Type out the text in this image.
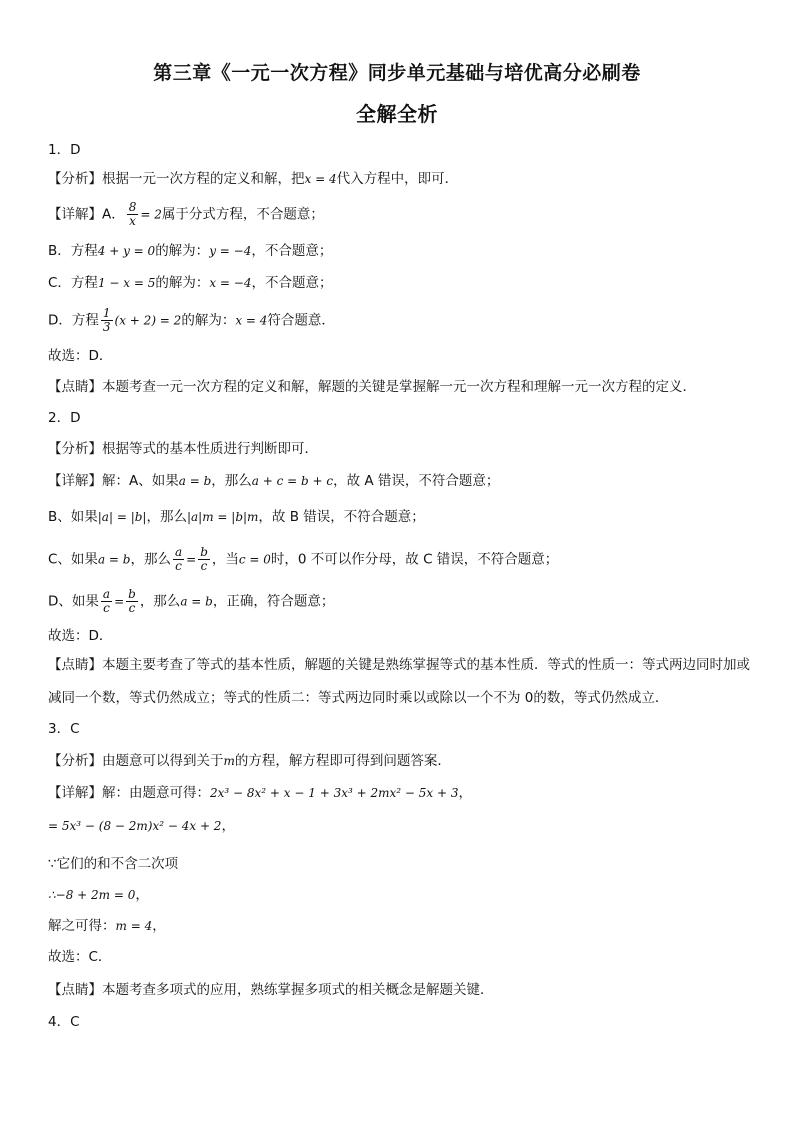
第三章《一元一次方程》同步单元基础与培优高分必刷卷
全解全析
1．D
【分析】根据一元一次方程的定义和解，把x = 4代入方程中，即可．
【详解】A． $\frac{8}{x} = 2$属于分式方程，不合题意；
B．方程4 + y = 0的解为：y = −4，不合题意；
C．方程1 − x = 5的解为：x = −4，不合题意；
D．方程 $\frac{1}{3} (x + 2) = 2$的解为：x = 4符合题意．
故选：D．
【点睛】本题考查一元一次方程的定义和解，解题的关键是掌握解一元一次方程和理解一元一次方程的定义．
2．D
【分析】根据等式的基本性质进行判断即可．
【详解】解：A、如果a = b，那么a + c = b + c，故 A 错误，不符合题意；
B、如果|a| = |b|，那么|a|m = |b|m，故 B 错误，不符合题意；
C、如果a = b，那么 $\frac{a}{c} = \frac{b}{c}$ ，当c = 0时，0 不可以作分母，故 C 错误，不符合题意；
D、如果 $\frac{a}{c} = \frac{b}{c}$ ，那么a = b，正确，符合题意；
故选：D．
【点睛】本题主要考查了等式的基本性质，解题的关键是熟练掌握等式的基本性质．等式的性质一：等式两边同时加或减同一个数，等式仍然成立；等式的性质二：等式两边同时乘以或除以一个不为 0的数，等式仍然成立．
3．C
【分析】由题意可以得到关于m的方程，解方程即可得到问题答案．
【详解】解：由题意可得：2x³ − 8x² + x − 1 + 3x³ + 2mx² − 5x + 3，
= 5x³ − (8 − 2m)x² − 4x + 2，
∵它们的和不含二次项
∴−8 + 2m = 0，
解之可得：m = 4，
故选：C．
【点睛】本题考查多项式的应用，熟练掌握多项式的相关概念是解题关键．
4．C
